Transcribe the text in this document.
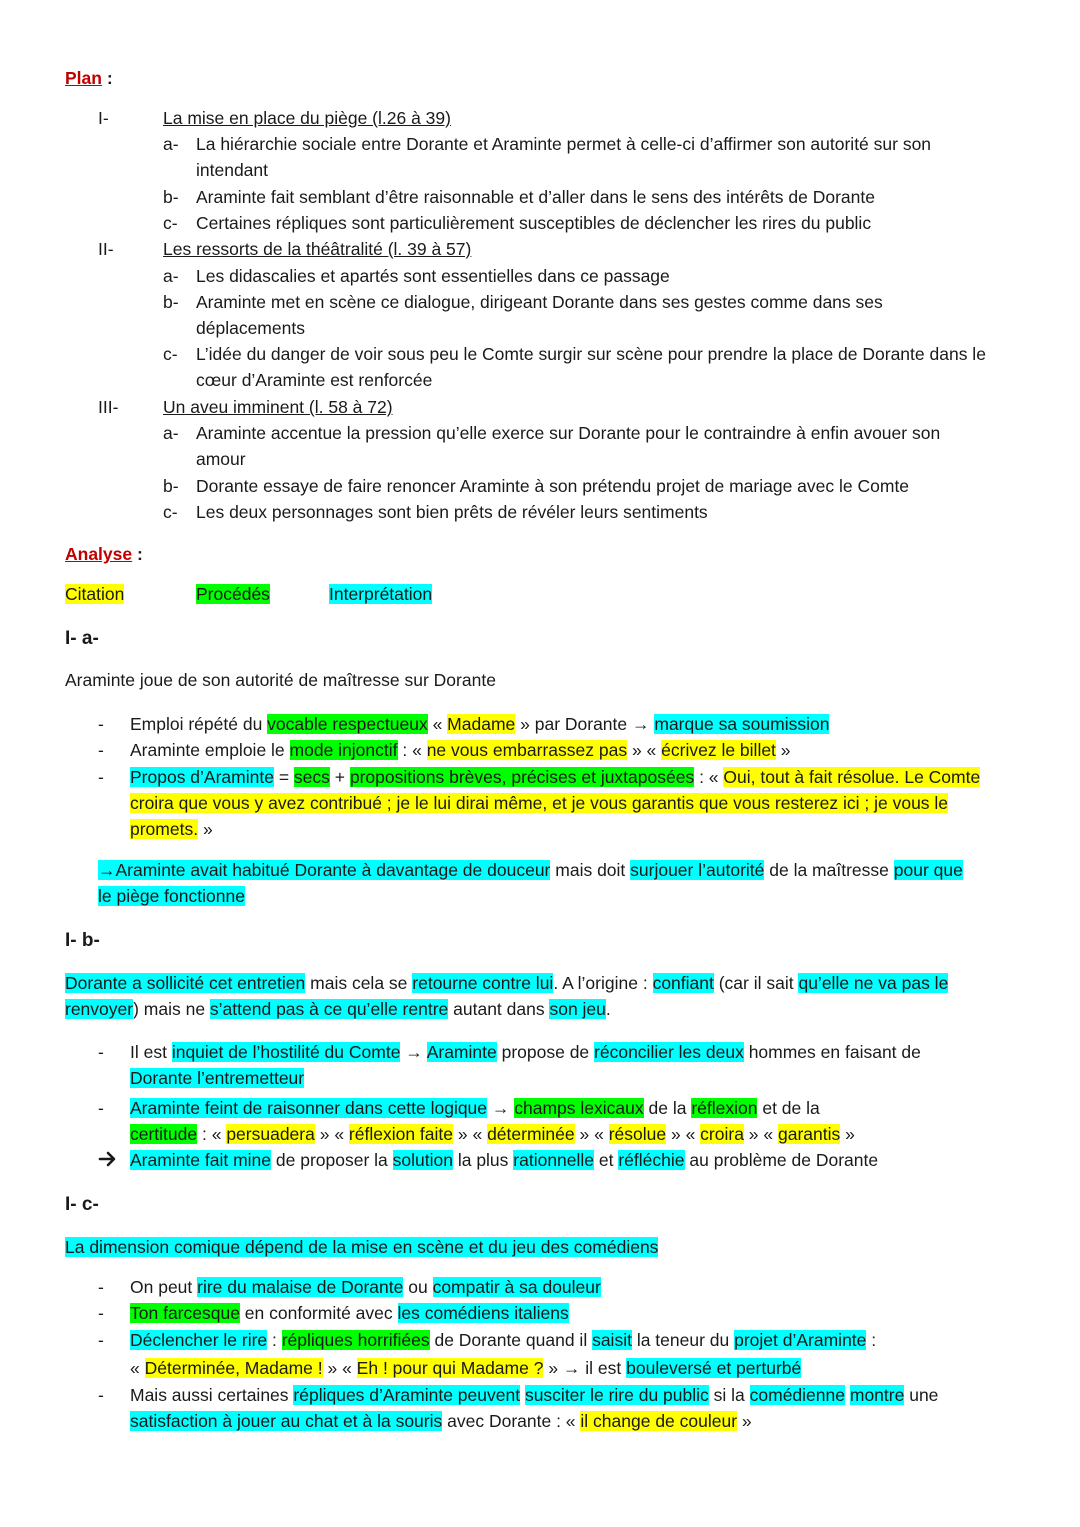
Plan :
I-	La mise en place du piège (l.26 à 39)
a- La hiérarchie sociale entre Dorante et Araminte permet à celle-ci d’affirmer son autorité sur son
intendant
b- Araminte fait semblant d’être raisonnable et d’aller dans le sens des intérêts de Dorante
c- Certaines répliques sont particulièrement susceptibles de déclencher les rires du public
II-	Les ressorts de la théâtralité (l. 39 à 57)
a- Les didascalies et apartés sont essentielles dans ce passage
b- Araminte met en scène ce dialogue, dirigeant Dorante dans ses gestes comme dans ses
déplacements
c- L’idée du danger de voir sous peu le Comte surgir sur scène pour prendre la place de Dorante dans le
cœur d’Araminte est renforcée
III-	Un aveu imminent (l. 58 à 72)
a- Araminte accentue la pression qu’elle exerce sur Dorante pour le contraindre à enfin avouer son
amour
b- Dorante essaye de faire renoncer Araminte à son prétendu projet de mariage avec le Comte
c- Les deux personnages sont bien prêts de révéler leurs sentiments
Analyse :
Citation	Procédés	Interprétation
I- a-
Araminte joue de son autorité de maîtresse sur Dorante
- Emploi répété du vocable respectueux « Madame » par Dorante → marque sa soumission
- Araminte emploie le mode injonctif : « ne vous embarrassez pas » « écrivez le billet »
- Propos d’Araminte = secs + propositions brèves, précises et juxtaposées : « Oui, tout à fait résolue. Le Comte
croira que vous y avez contribué ; je le lui dirai même, et je vous garantis que vous resterez ici ; je vous le
promets. »
→Araminte avait habitué Dorante à davantage de douceur mais doit surjouer l’autorité de la maîtresse pour que
le piège fonctionne
I- b-
Dorante a sollicité cet entretien mais cela se retourne contre lui. A l’origine : confiant (car il sait qu’elle ne va pas le
renvoyer) mais ne s’attend pas à ce qu’elle rentre autant dans son jeu.
- Il est inquiet de l’hostilité du Comte → Araminte propose de réconcilier les deux hommes en faisant de
Dorante l’entremetteur
- Araminte feint de raisonner dans cette logique → champs lexicaux de la réflexion et de la
certitude : « persuadera » « réflexion faite » « déterminée » « résolue » « croira » « garantis »
Araminte fait mine de proposer la solution la plus rationnelle et réfléchie au problème de Dorante
I- c-
La dimension comique dépend de la mise en scène et du jeu des comédiens
- On peut rire du malaise de Dorante ou compatir à sa douleur
- Ton farcesque en conformité avec les comédiens italiens
- Déclencher le rire : répliques horrifiées de Dorante quand il saisit la teneur du projet d’Araminte :
« Déterminée, Madame ! » « Eh ! pour qui Madame ? » → il est bouleversé et perturbé
- Mais aussi certaines répliques d’Araminte peuvent susciter le rire du public si la comédienne montre une
satisfaction à jouer au chat et à la souris avec Dorante : « il change de couleur »
